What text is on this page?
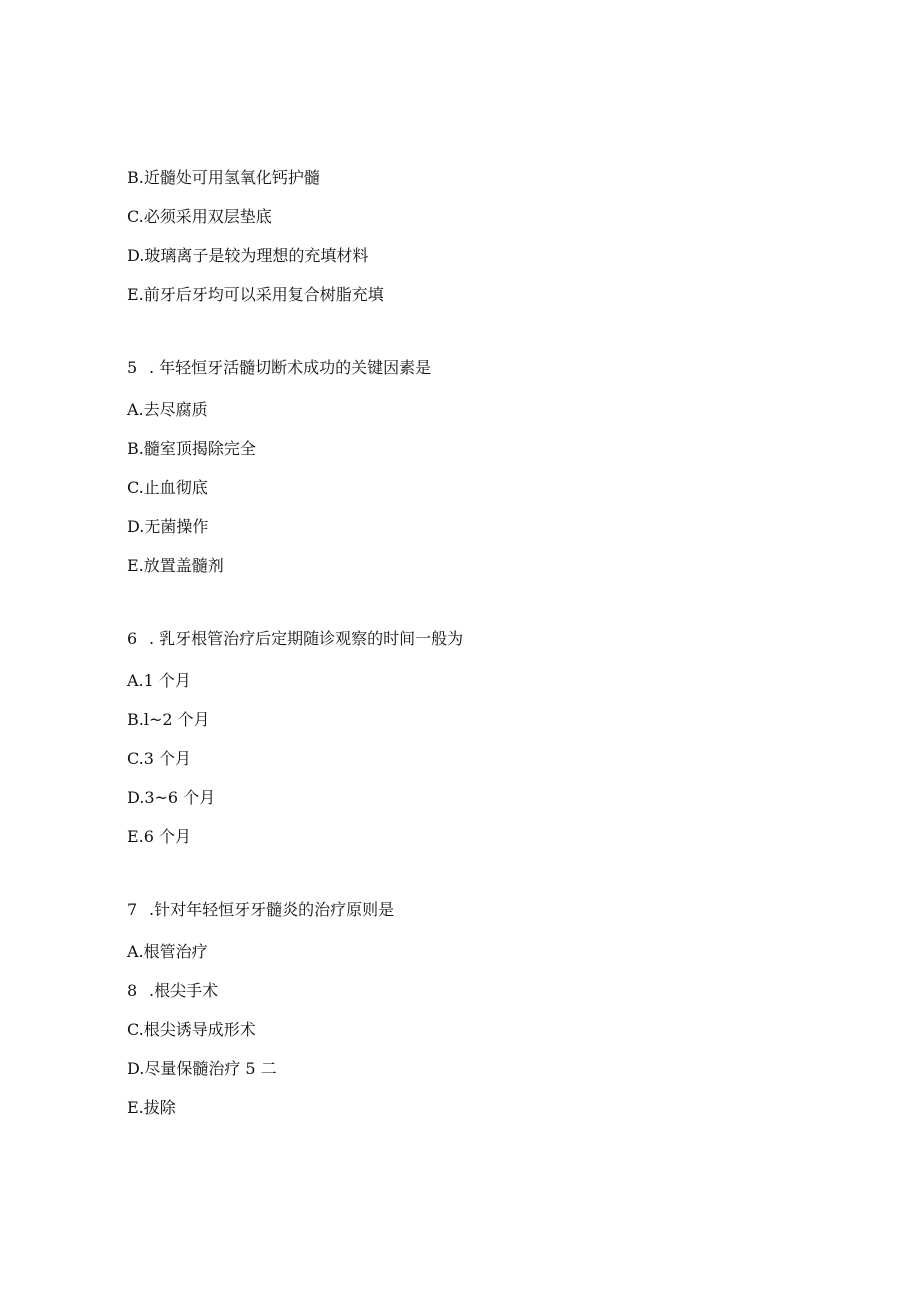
B.近髓处可用氢氧化钙护髓
C.必须采用双层垫底
D.玻璃离子是较为理想的充填材料
E.前牙后牙均可以采用复合树脂充填
5 . 年轻恒牙活髓切断术成功的关键因素是
A.去尽腐质
B.髓室顶揭除完全
C.止血彻底
D.无菌操作
E.放置盖髓剂
6 . 乳牙根管治疗后定期随诊观察的时间一般为
A.1 个月
B.l~2 个月
C.3 个月
D.3~6 个月
E.6 个月
7 .针对年轻恒牙牙髓炎的治疗原则是
A.根管治疗
8 .根尖手术
C.根尖诱导成形术
D.尽量保髓治疗 5 二
E.拔除
